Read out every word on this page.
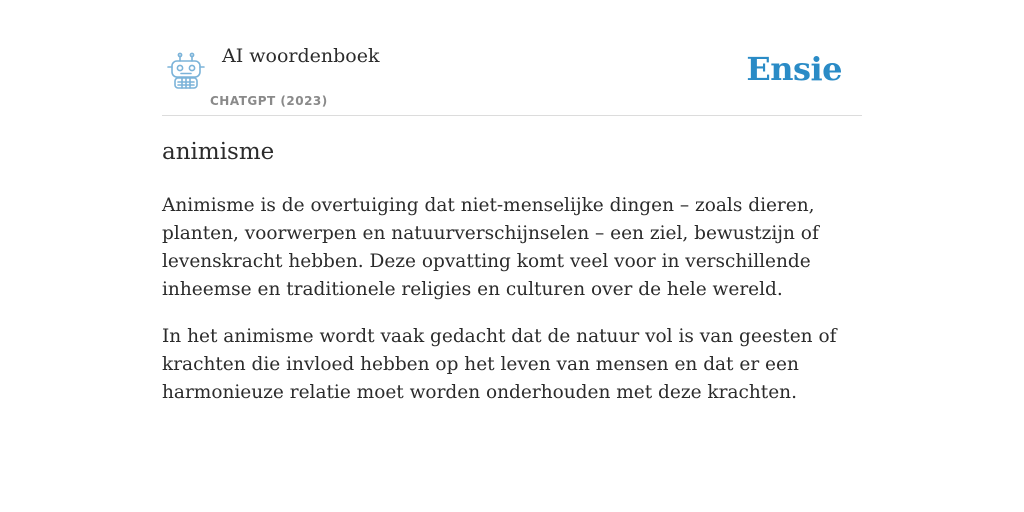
AI woordenboek
CHATGPT (2023)
Ensie
animisme

Animisme is de overtuiging dat niet-menselijke dingen – zoals dieren, planten, voorwerpen en natuurverschijnselen – een ziel, bewustzijn of levenskracht hebben. Deze opvatting komt veel voor in verschillende inheemse en traditionele religies en culturen over de hele wereld.

In het animisme wordt vaak gedacht dat de natuur vol is van geesten of krachten die invloed hebben op het leven van mensen en dat er een harmonieuze relatie moet worden onderhouden met deze krachten.
